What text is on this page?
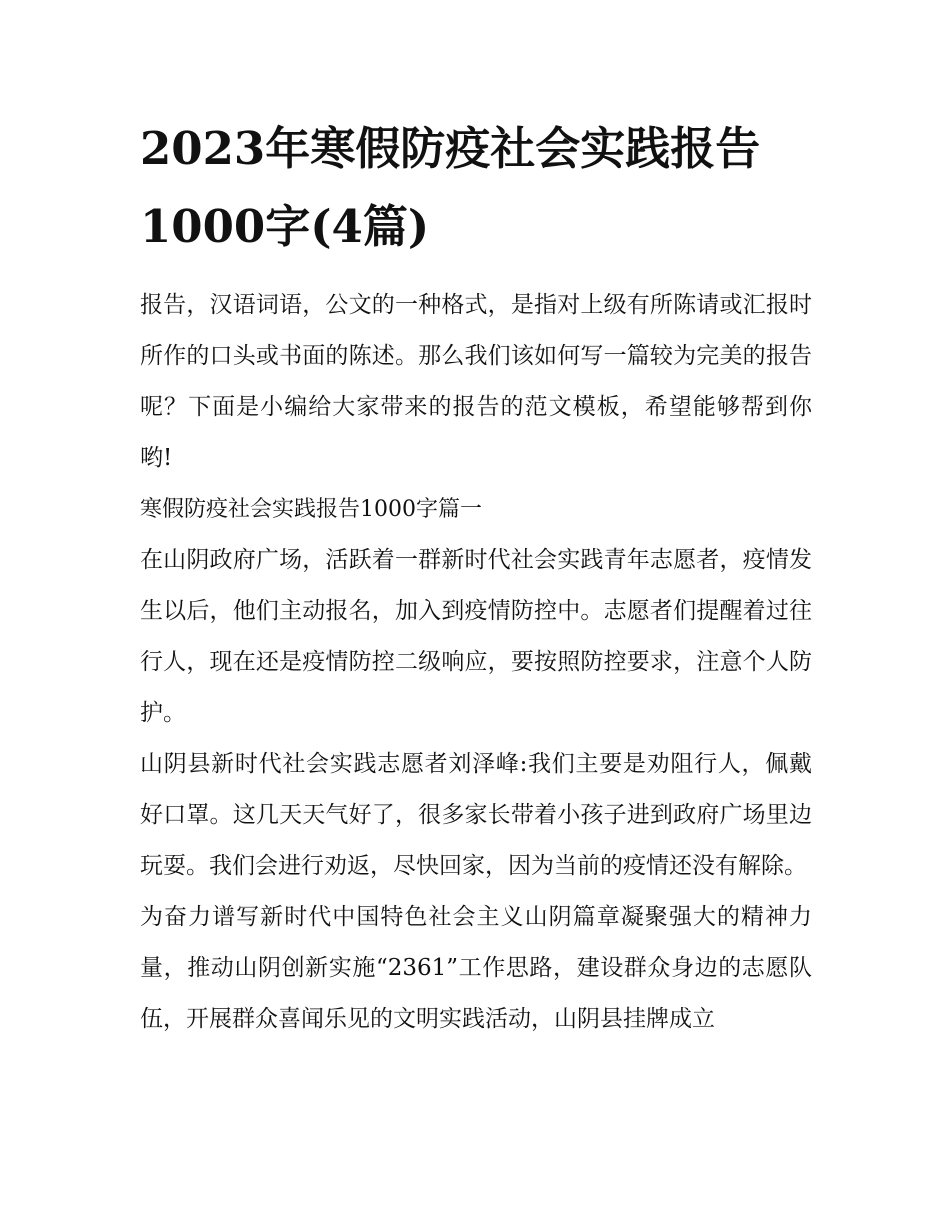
2023年寒假防疫社会实践报告1000字(4篇)

报告，汉语词语，公文的一种格式，是指对上级有所陈请或汇报时所作的口头或书面的陈述。那么我们该如何写一篇较为完美的报告呢？下面是小编给大家带来的报告的范文模板，希望能够帮到你哟!

寒假防疫社会实践报告1000字篇一

在山阴政府广场，活跃着一群新时代社会实践青年志愿者，疫情发生以后，他们主动报名，加入到疫情防控中。志愿者们提醒着过往行人，现在还是疫情防控二级响应，要按照防控要求，注意个人防护。

山阴县新时代社会实践志愿者刘泽峰:我们主要是劝阻行人，佩戴好口罩。这几天天气好了，很多家长带着小孩子进到政府广场里边玩耍。我们会进行劝返，尽快回家，因为当前的疫情还没有解除。

为奋力谱写新时代中国特色社会主义山阴篇章凝聚强大的精神力量，推动山阴创新实施“2361”工作思路，建设群众身边的志愿队伍，开展群众喜闻乐见的文明实践活动，山阴县挂牌成立
